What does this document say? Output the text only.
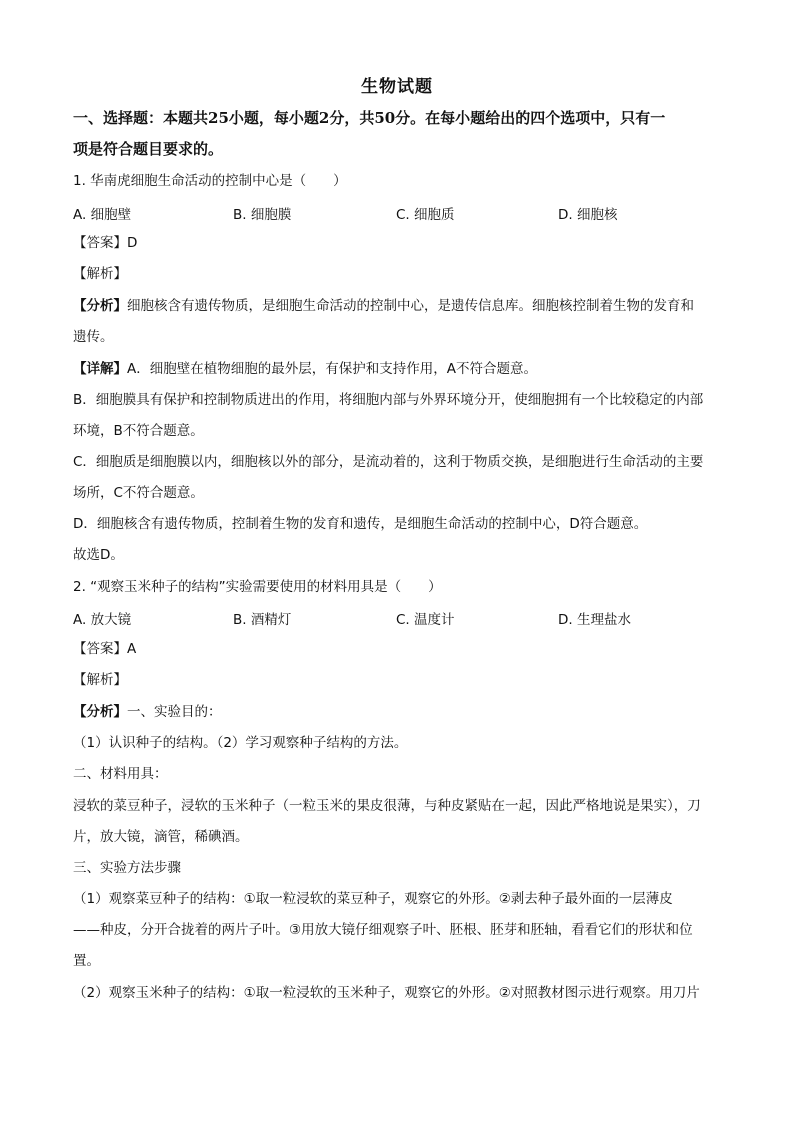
生物试题
一、选择题：本题共25小题，每小题2分，共50分。在每小题给出的四个选项中，只有一
项是符合题目要求的。
1. 华南虎细胞生命活动的控制中心是（　　）
A. 细胞壁	B. 细胞膜	C. 细胞质	D. 细胞核
【答案】D
【解析】
【分析】细胞核含有遗传物质，是细胞生命活动的控制中心，是遗传信息库。细胞核控制着生物的发育和
遗传。
【详解】A．细胞壁在植物细胞的最外层，有保护和支持作用，A不符合题意。
B．细胞膜具有保护和控制物质进出的作用，将细胞内部与外界环境分开，使细胞拥有一个比较稳定的内部
环境，B不符合题意。
C．细胞质是细胞膜以内，细胞核以外的部分，是流动着的，这利于物质交换，是细胞进行生命活动的主要
场所，C不符合题意。
D．细胞核含有遗传物质，控制着生物的发育和遗传，是细胞生命活动的控制中心，D符合题意。
故选D。
2. “观察玉米种子的结构”实验需要使用的材料用具是（　　）
A. 放大镜	B. 酒精灯	C. 温度计	D. 生理盐水
【答案】A
【解析】
【分析】一、实验目的：
（1）认识种子的结构。（2）学习观察种子结构的方法。
二、材料用具：
浸软的菜豆种子，浸软的玉米种子（一粒玉米的果皮很薄，与种皮紧贴在一起，因此严格地说是果实），刀
片，放大镜，滴管，稀碘酒。
三、实验方法步骤
（1）观察菜豆种子的结构：①取一粒浸软的菜豆种子，观察它的外形。②剥去种子最外面的一层薄皮
——种皮，分开合拢着的两片子叶。③用放大镜仔细观察子叶、胚根、胚芽和胚轴，看看它们的形状和位
置。
（2）观察玉米种子的结构：①取一粒浸软的玉米种子，观察它的外形。②对照教材图示进行观察。用刀片
